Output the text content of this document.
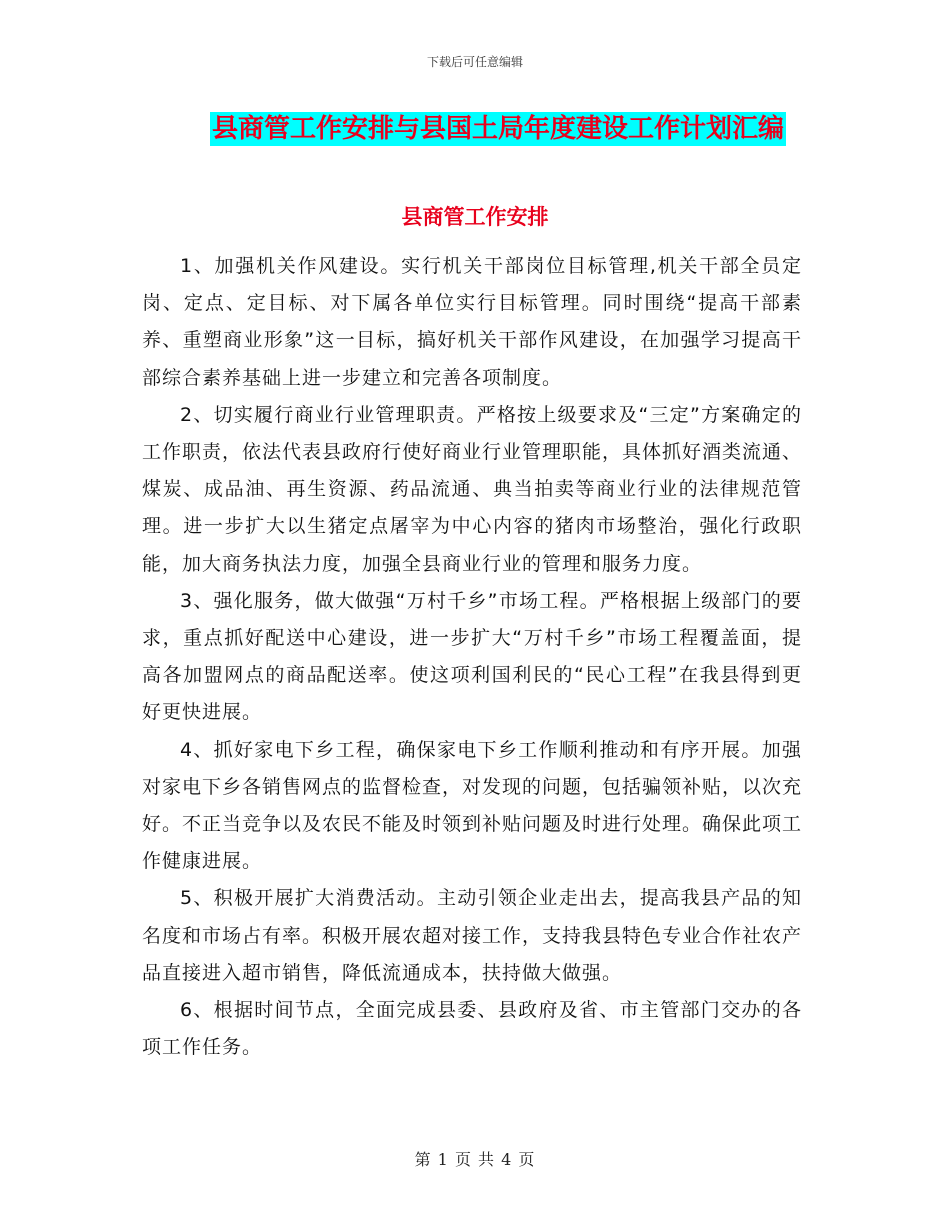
下载后可任意编辑
县商管工作安排与县国土局年度建设工作计划汇编
县商管工作安排

1、加强机关作风建设。实行机关干部岗位目标管理,机关干部全员定岗、定点、定目标、对下属各单位实行目标管理。同时围绕“提高干部素养、重塑商业形象”这一目标，搞好机关干部作风建设，在加强学习提高干部综合素养基础上进一步建立和完善各项制度。

2、切实履行商业行业管理职责。严格按上级要求及“三定”方案确定的工作职责，依法代表县政府行使好商业行业管理职能，具体抓好酒类流通、煤炭、成品油、再生资源、药品流通、典当拍卖等商业行业的法律规范管理。进一步扩大以生猪定点屠宰为中心内容的猪肉市场整治，强化行政职能，加大商务执法力度，加强全县商业行业的管理和服务力度。

3、强化服务，做大做强“万村千乡”市场工程。严格根据上级部门的要求，重点抓好配送中心建设，进一步扩大“万村千乡”市场工程覆盖面，提高各加盟网点的商品配送率。使这项利国利民的“民心工程”在我县得到更好更快进展。

4、抓好家电下乡工程，确保家电下乡工作顺利推动和有序开展。加强对家电下乡各销售网点的监督检查，对发现的问题，包括骗领补贴，以次充好。不正当竞争以及农民不能及时领到补贴问题及时进行处理。确保此项工作健康进展。

5、积极开展扩大消费活动。主动引领企业走出去，提高我县产品的知名度和市场占有率。积极开展农超对接工作，支持我县特色专业合作社农产品直接进入超市销售，降低流通成本，扶持做大做强。

6、根据时间节点，全面完成县委、县政府及省、市主管部门交办的各项工作任务。

第 1 页 共 4 页
